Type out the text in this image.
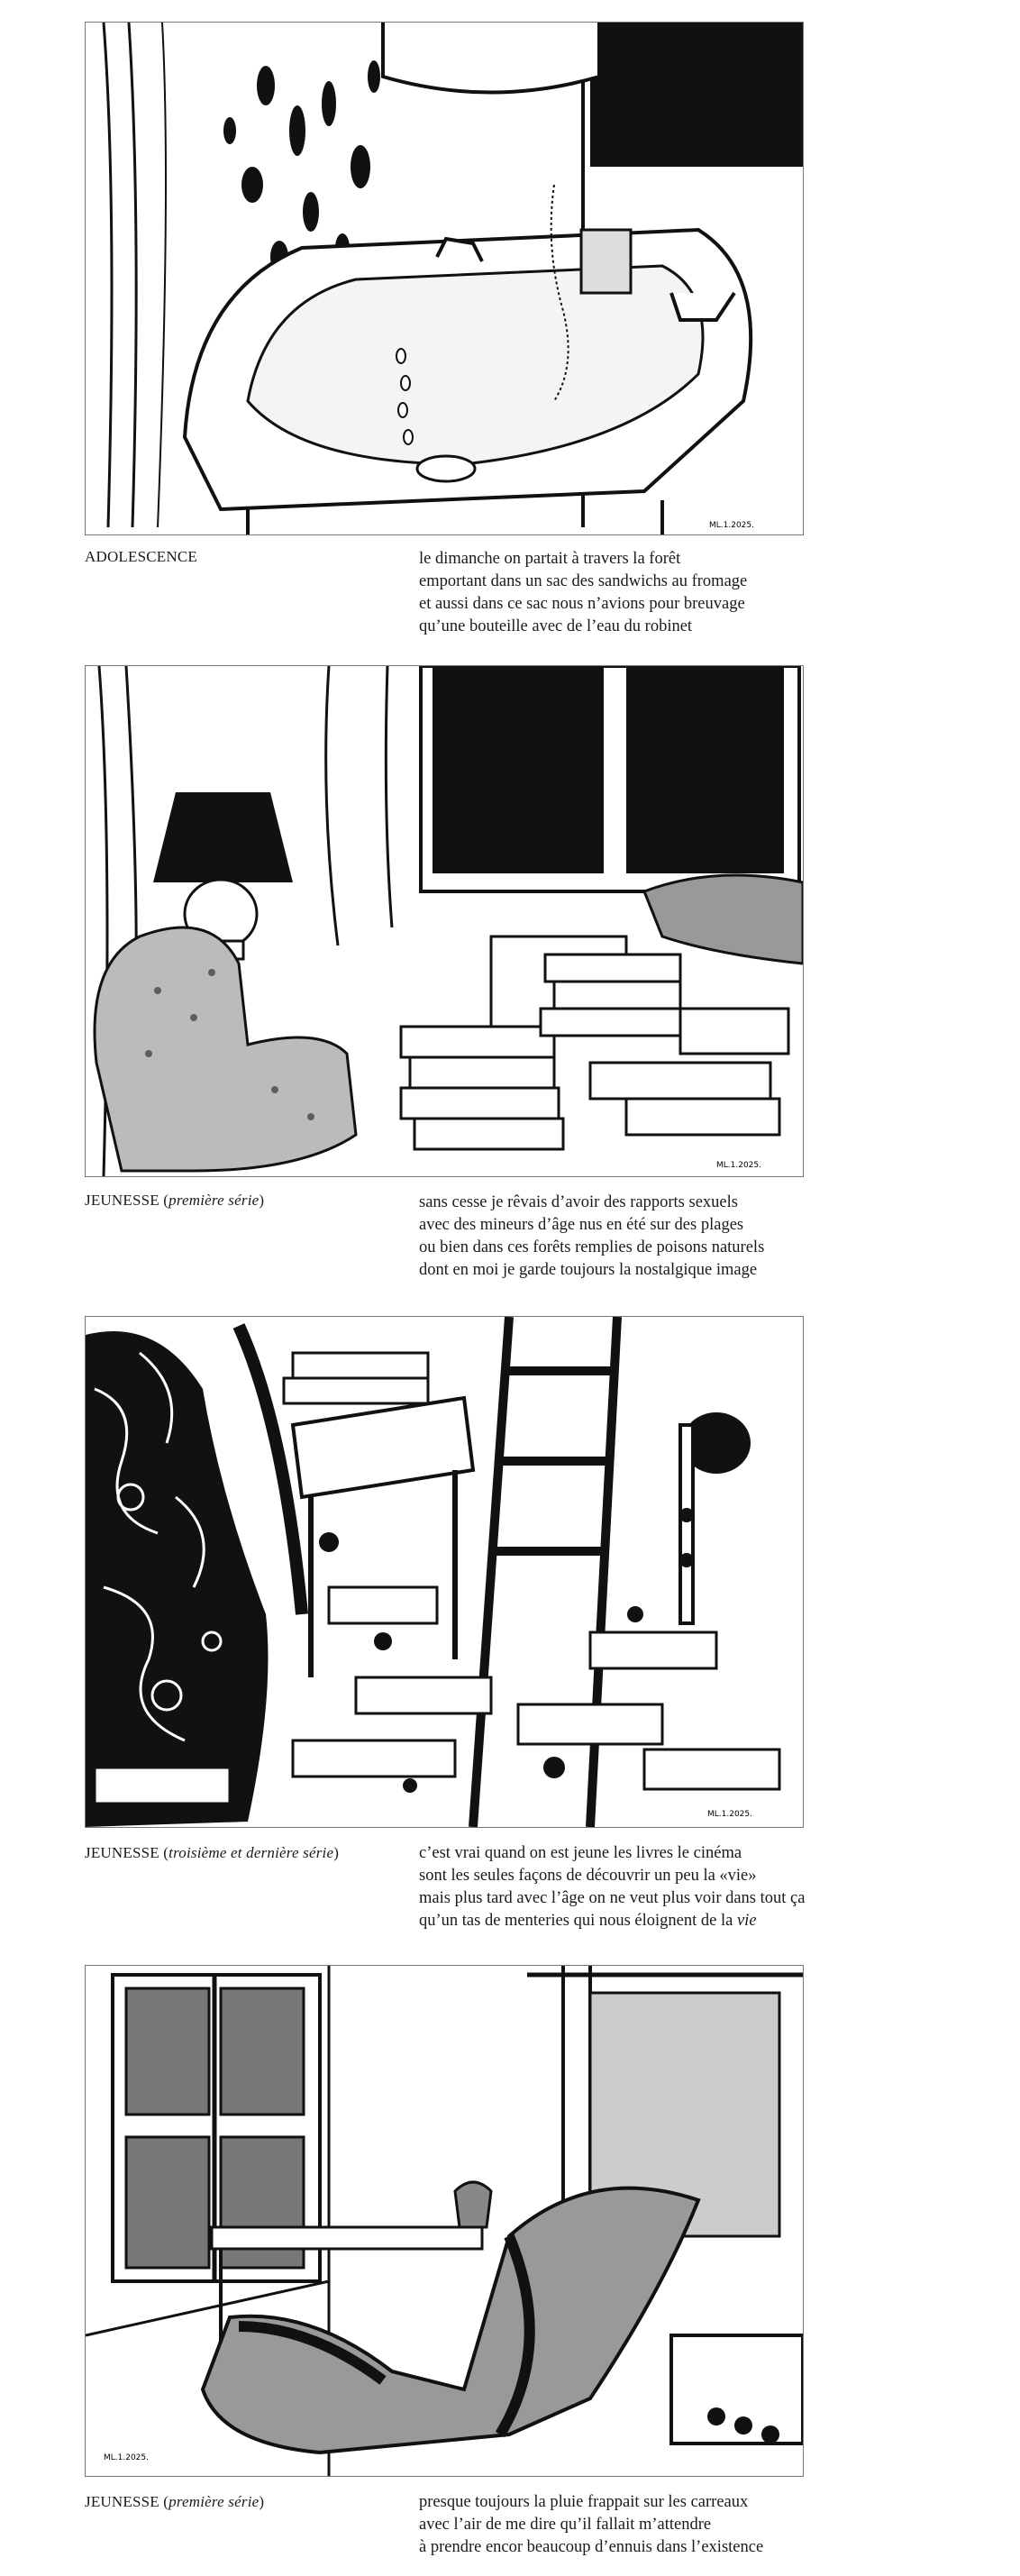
ML.1.2025.
ADOLESCENCE	le dimanche on partait à travers la forêt
emportant dans un sac des sandwichs au fromage
et aussi dans ce sac nous n’avions pour breuvage
qu’une bouteille avec de l’eau du robinet
ML.1.2025.
JEUNESSE (première série)	sans cesse je rêvais d’avoir des rapports sexuels
avec des mineurs d’âge nus en été sur des plages
ou bien dans ces forêts remplies de poisons naturels
dont en moi je garde toujours la nostalgique image
ML.1.2025.
JEUNESSE (troisième et dernière série)	c’est vrai quand on est jeune les livres le cinéma
sont les seules façons de découvrir un peu la «vie»
mais plus tard avec l’âge on ne veut plus voir dans tout ça
qu’un tas de menteries qui nous éloignent de la vie
ML.1.2025.
JEUNESSE (première série)	presque toujours la pluie frappait sur les carreaux
avec l’air de me dire qu’il fallait m’attendre
à prendre encor beaucoup d’ennuis dans l’existence
